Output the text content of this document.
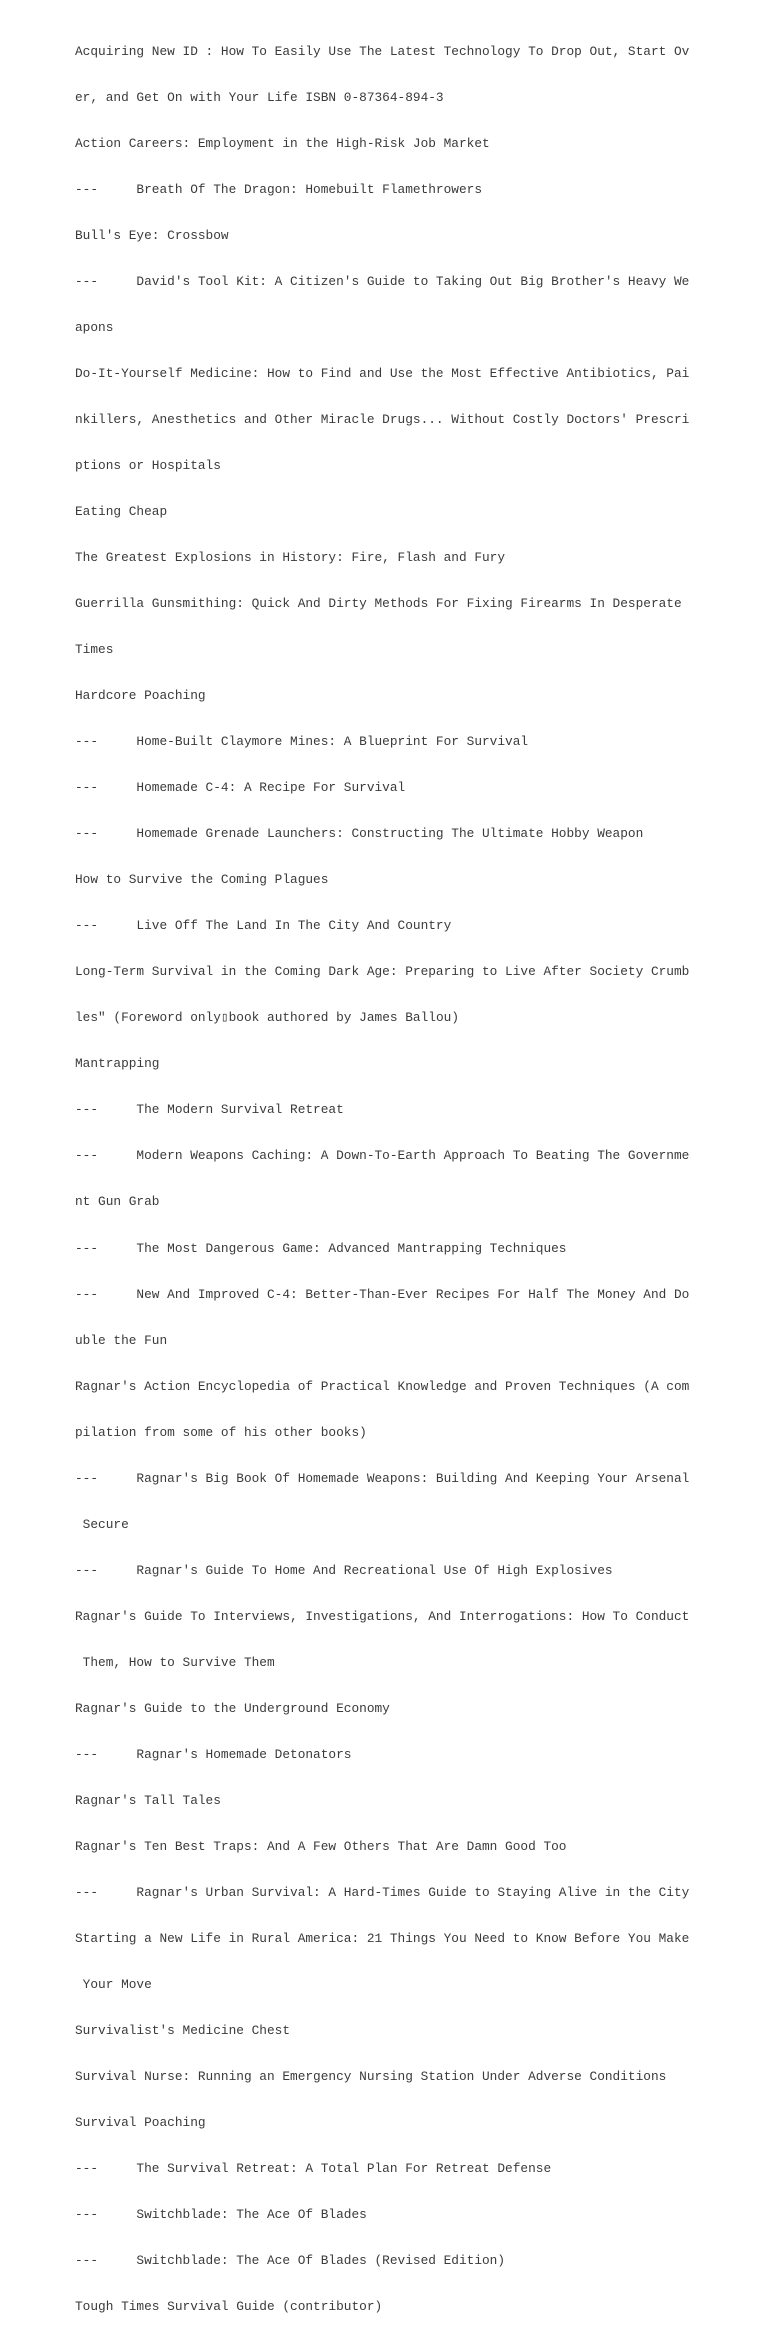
Acquiring New ID : How To Easily Use The Latest Technology To Drop Out, Start Ov

er, and Get On with Your Life ISBN 0-87364-894-3

Action Careers: Employment in the High-Risk Job Market

---     Breath Of The Dragon: Homebuilt Flamethrowers

Bull's Eye: Crossbow

---     David's Tool Kit: A Citizen's Guide to Taking Out Big Brother's Heavy We

apons

Do-It-Yourself Medicine: How to Find and Use the Most Effective Antibiotics, Pai

nkillers, Anesthetics and Other Miracle Drugs... Without Costly Doctors' Prescri

ptions or Hospitals

Eating Cheap

The Greatest Explosions in History: Fire, Flash and Fury

Guerrilla Gunsmithing: Quick And Dirty Methods For Fixing Firearms In Desperate

Times

Hardcore Poaching

---     Home-Built Claymore Mines: A Blueprint For Survival

---     Homemade C-4: A Recipe For Survival

---     Homemade Grenade Launchers: Constructing The Ultimate Hobby Weapon

How to Survive the Coming Plagues

---     Live Off The Land In The City And Country

Long-Term Survival in the Coming Dark Age: Preparing to Live After Society Crumb

les" (Foreword only▯book authored by James Ballou)

Mantrapping

---     The Modern Survival Retreat

---     Modern Weapons Caching: A Down-To-Earth Approach To Beating The Governme

nt Gun Grab

---     The Most Dangerous Game: Advanced Mantrapping Techniques

---     New And Improved C-4: Better-Than-Ever Recipes For Half The Money And Do

uble the Fun

Ragnar's Action Encyclopedia of Practical Knowledge and Proven Techniques (A com

pilation from some of his other books)

---     Ragnar's Big Book Of Homemade Weapons: Building And Keeping Your Arsenal

Secure

---     Ragnar's Guide To Home And Recreational Use Of High Explosives

Ragnar's Guide To Interviews, Investigations, And Interrogations: How To Conduct

Them, How to Survive Them

Ragnar's Guide to the Underground Economy

---     Ragnar's Homemade Detonators

Ragnar's Tall Tales

Ragnar's Ten Best Traps: And A Few Others That Are Damn Good Too

---     Ragnar's Urban Survival: A Hard-Times Guide to Staying Alive in the City

Starting a New Life in Rural America: 21 Things You Need to Know Before You Make

Your Move

Survivalist's Medicine Chest

Survival Nurse: Running an Emergency Nursing Station Under Adverse Conditions

Survival Poaching

---     The Survival Retreat: A Total Plan For Retreat Defense

---     Switchblade: The Ace Of Blades

---     Switchblade: The Ace Of Blades (Revised Edition)

Tough Times Survival Guide (contributor)
